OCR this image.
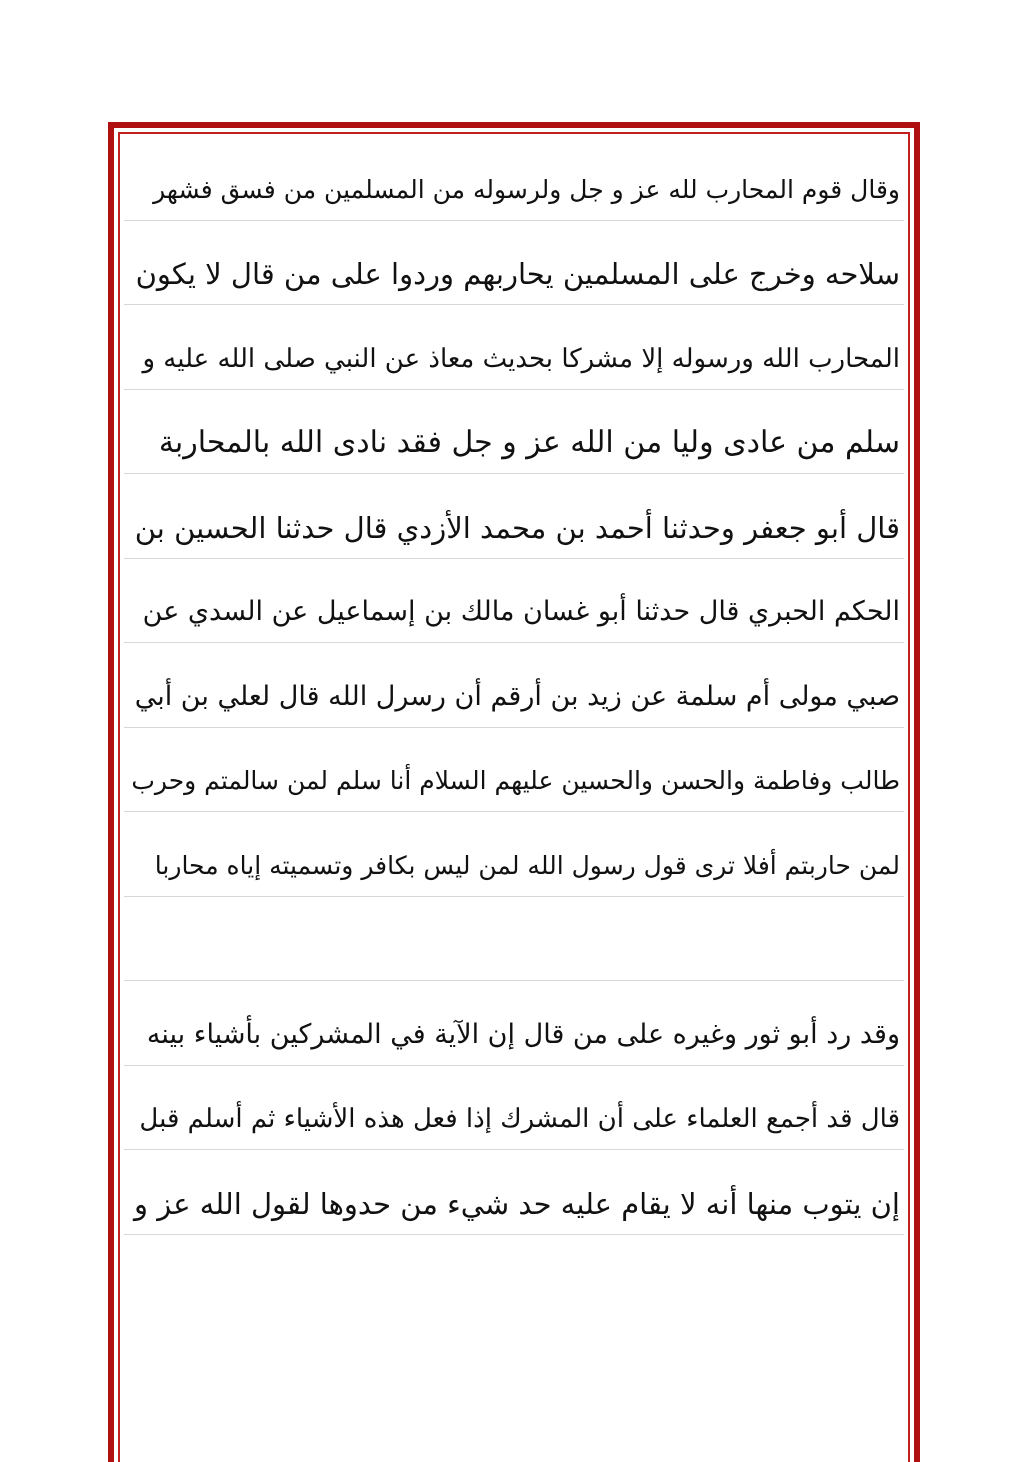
وقال قوم المحارب لله عز و جل ولرسوله من المسلمين من فسق فشهر
سلاحه وخرج على المسلمين يحاربهم وردوا على من قال لا يكون
المحارب الله ورسوله إلا مشركا بحديث معاذ عن النبي صلى الله عليه و
سلم من عادى وليا من الله عز و جل فقد نادى الله بالمحاربة
قال أبو جعفر وحدثنا أحمد بن محمد الأزدي قال حدثنا الحسين بن
الحكم الحبري قال حدثنا أبو غسان مالك بن إسماعيل عن السدي عن
صبي مولى أم سلمة عن زيد بن أرقم أن رسرل الله قال لعلي بن أبي
طالب وفاطمة والحسن والحسين عليهم السلام أنا سلم لمن سالمتم وحرب
لمن حاربتم أفلا ترى قول رسول الله لمن ليس بكافر وتسميته إياه محاربا
وقد رد أبو ثور وغيره على من قال إن الآية في المشركين بأشياء بينه
قال قد أجمع العلماء على أن المشرك إذا فعل هذه الأشياء ثم أسلم قبل
إن يتوب منها أنه لا يقام عليه حد شيء من حدوها لقول الله عز و
